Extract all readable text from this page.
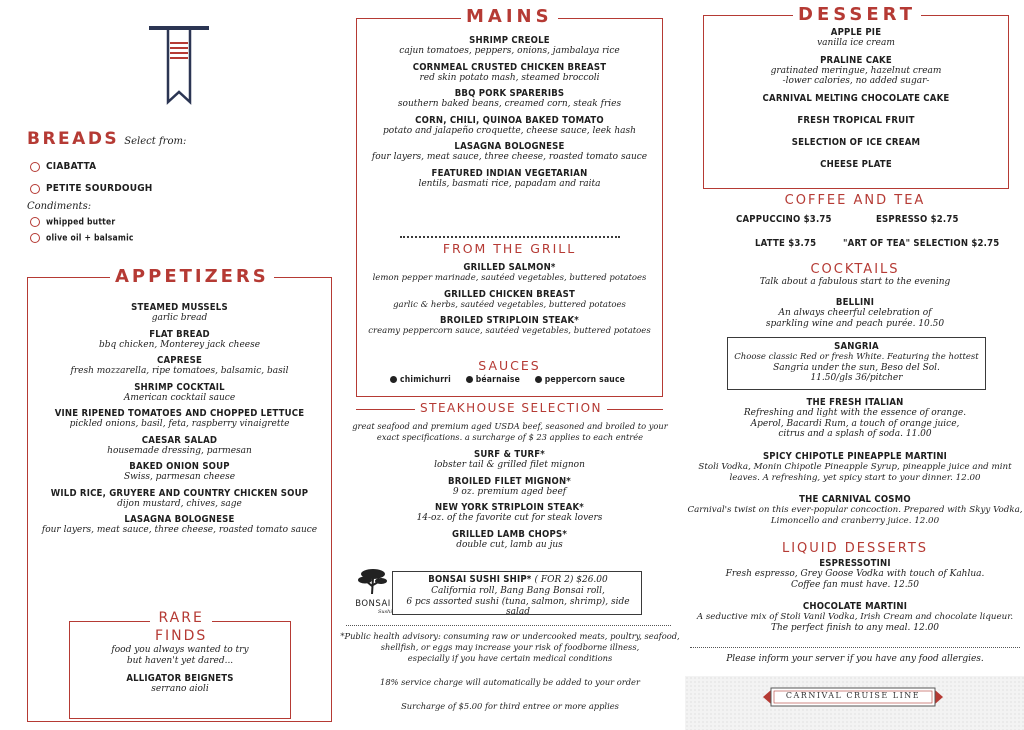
BREADS Select from:
CIABATTA
PETITE SOURDOUGH
Condiments:
whipped butter
olive oil + balsamic
APPETIZERS
STEAMED MUSSELS
garlic bread
FLAT BREAD
bbq chicken, Monterey jack cheese
CAPRESE
fresh mozzarella, ripe tomatoes, balsamic, basil
SHRIMP COCKTAIL
American cocktail sauce
VINE RIPENED TOMATOES AND CHOPPED LETTUCE
pickled onions, basil, feta, raspberry vinaigrette
CAESAR SALAD
housemade dressing, parmesan
BAKED ONION SOUP
Swiss, parmesan cheese
WILD RICE, GRUYERE AND COUNTRY CHICKEN SOUP
dijon mustard, chives, sage
LASAGNA BOLOGNESE
four layers, meat sauce, three cheese, roasted tomato sauce
RARE
FINDS
food you always wanted to try
but haven't yet dared...
ALLIGATOR BEIGNETS
serrano aioli
MAINS
SHRIMP CREOLE
cajun tomatoes, peppers, onions, jambalaya rice
CORNMEAL CRUSTED CHICKEN BREAST
red skin potato mash, steamed broccoli
BBQ PORK SPARERIBS
southern baked beans, creamed corn, steak fries
CORN, CHILI, QUINOA BAKED TOMATO
potato and jalapeño croquette, cheese sauce, leek hash
LASAGNA BOLOGNESE
four layers, meat sauce, three cheese, roasted tomato sauce
FEATURED INDIAN VEGETARIAN
lentils, basmati rice, papadam and raita
FROM THE GRILL
GRILLED SALMON*
lemon pepper marinade, sautéed vegetables, buttered potatoes
GRILLED CHICKEN BREAST
garlic & herbs, sautéed vegetables, buttered potatoes
BROILED STRIPLOIN STEAK*
creamy peppercorn sauce, sautéed vegetables, buttered potatoes
SAUCES
chimichurri	béarnaise	peppercorn sauce
STEAKHOUSE SELECTION
great seafood and premium aged USDA beef, seasoned and broiled to your
exact specifications. a surcharge of $ 23 applies to each entrée
SURF & TURF*
lobster tail & grilled filet mignon
BROILED FILET MIGNON*
9 oz. premium aged beef
NEW YORK STRIPLOIN STEAK*
14-oz. of the favorite cut for steak lovers
GRILLED LAMB CHOPS*
double cut, lamb au jus
BONSAI
Sushi
BONSAI SUSHI SHIP* ( FOR 2) $26.00
California roll, Bang Bang Bonsai roll,
6 pcs assorted sushi (tuna, salmon, shrimp), side salad
*Public health advisory: consuming raw or undercooked meats, poultry, seafood,
shellfish, or eggs may increase your risk of foodborne illness,
especially if you have certain medical conditions
18% service charge will automatically be added to your order
Surcharge of $5.00 for third entree or more applies
DESSERT
APPLE PIE
vanilla ice cream
PRALINE CAKE
gratinated meringue, hazelnut cream
-lower calories, no added sugar-
CARNIVAL MELTING CHOCOLATE CAKE
FRESH TROPICAL FRUIT
SELECTION OF ICE CREAM
CHEESE PLATE
COFFEE AND TEA
CAPPUCCINO $3.75	ESPRESSO $2.75
LATTE $3.75	"ART OF TEA" SELECTION $2.75
COCKTAILS
Talk about a fabulous start to the evening
BELLINI
An always cheerful celebration of
sparkling wine and peach purée. 10.50
SANGRIA
Choose classic Red or fresh White. Featuring the hottest
Sangria under the sun, Beso del Sol.
11.50/gls 36/pitcher
THE FRESH ITALIAN
Refreshing and light with the essence of orange.
Aperol, Bacardi Rum, a touch of orange juice,
citrus and a splash of soda. 11.00
SPICY CHIPOTLE PINEAPPLE MARTINI
Stoli Vodka, Monin Chipotle Pineapple Syrup, pineapple juice and mint
leaves. A refreshing, yet spicy start to your dinner. 12.00
THE CARNIVAL COSMO
Carnival's twist on this ever-popular concoction. Prepared with Skyy Vodka,
Limoncello and cranberry juice. 12.00
LIQUID DESSERTS
ESPRESSOTINI
Fresh espresso, Grey Goose Vodka with touch of Kahlua.
Coffee fan must have. 12.50
CHOCOLATE MARTINI
A seductive mix of Stoli Vanil Vodka, Irish Cream and chocolate liqueur.
The perfect finish to any meal. 12.00
Please inform your server if you have any food allergies.
CARNIVAL CRUISE LINE
